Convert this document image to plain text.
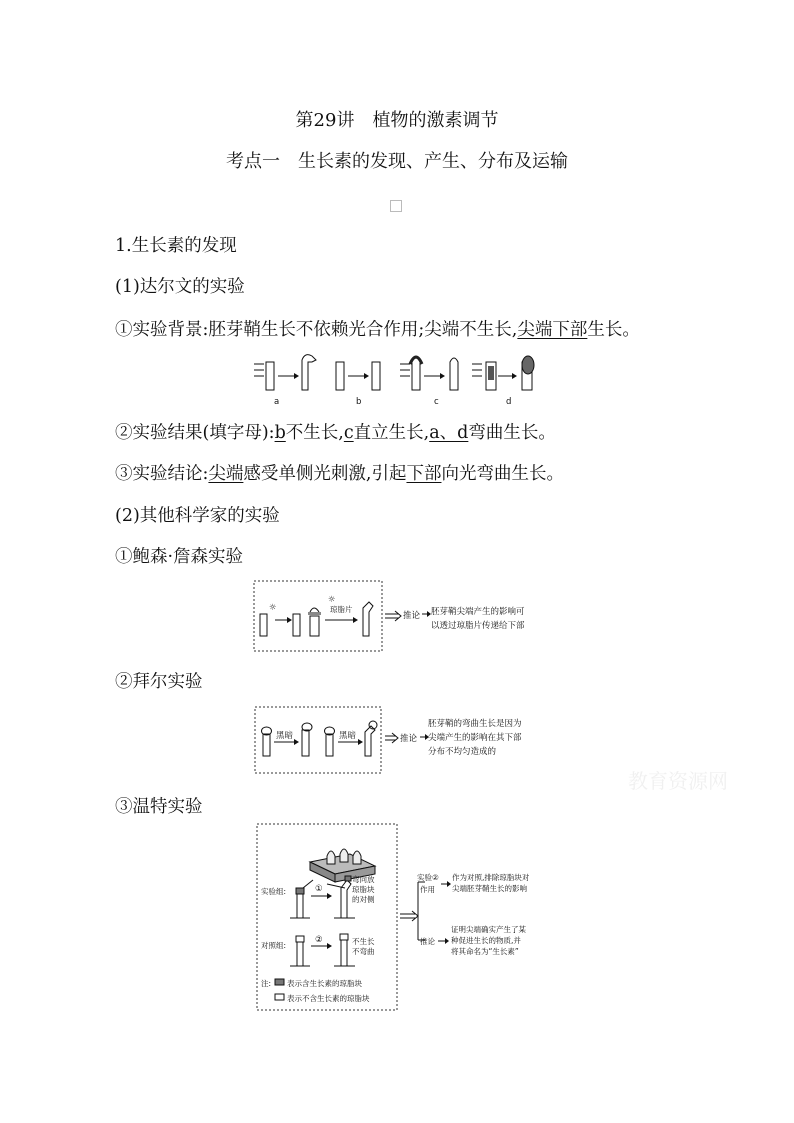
第29讲　植物的激素调节
考点一　生长素的发现、产生、分布及运输
1.生长素的发现
(1)达尔文的实验
①实验背景:胚芽鞘生长不依赖光合作用;尖端不生长,尖端下部生长。
a	b	c	d
②实验结果(填字母):b不生长,c直立生长,a、d弯曲生长。
③实验结论:尖端感受单侧光刺激,引起下部向光弯曲生长。
(2)其他科学家的实验
①鲍森·詹森实验
☼
☼
琼脂片
推论 胚芽鞘尖端产生的影响可
以透过琼脂片传递给下部
②拜尔实验
黑暗	黑暗	推论
胚芽鞘的弯曲生长是因为
尖端产生的影响在其下部
分布不均匀造成的
③温特实验
实验组:	①
弯向放
琼脂块
的对侧
对照组:
②	不生长
不弯曲
注: 表示含生长素的琼脂块
表示不含生长素的琼脂块
实验②
作用
作为对照,排除琼脂块对
尖端胚芽鞘生长的影响
推论
证明尖端确实产生了某
种促进生长的物质,并
将其命名为“生长素”
教育资源网
